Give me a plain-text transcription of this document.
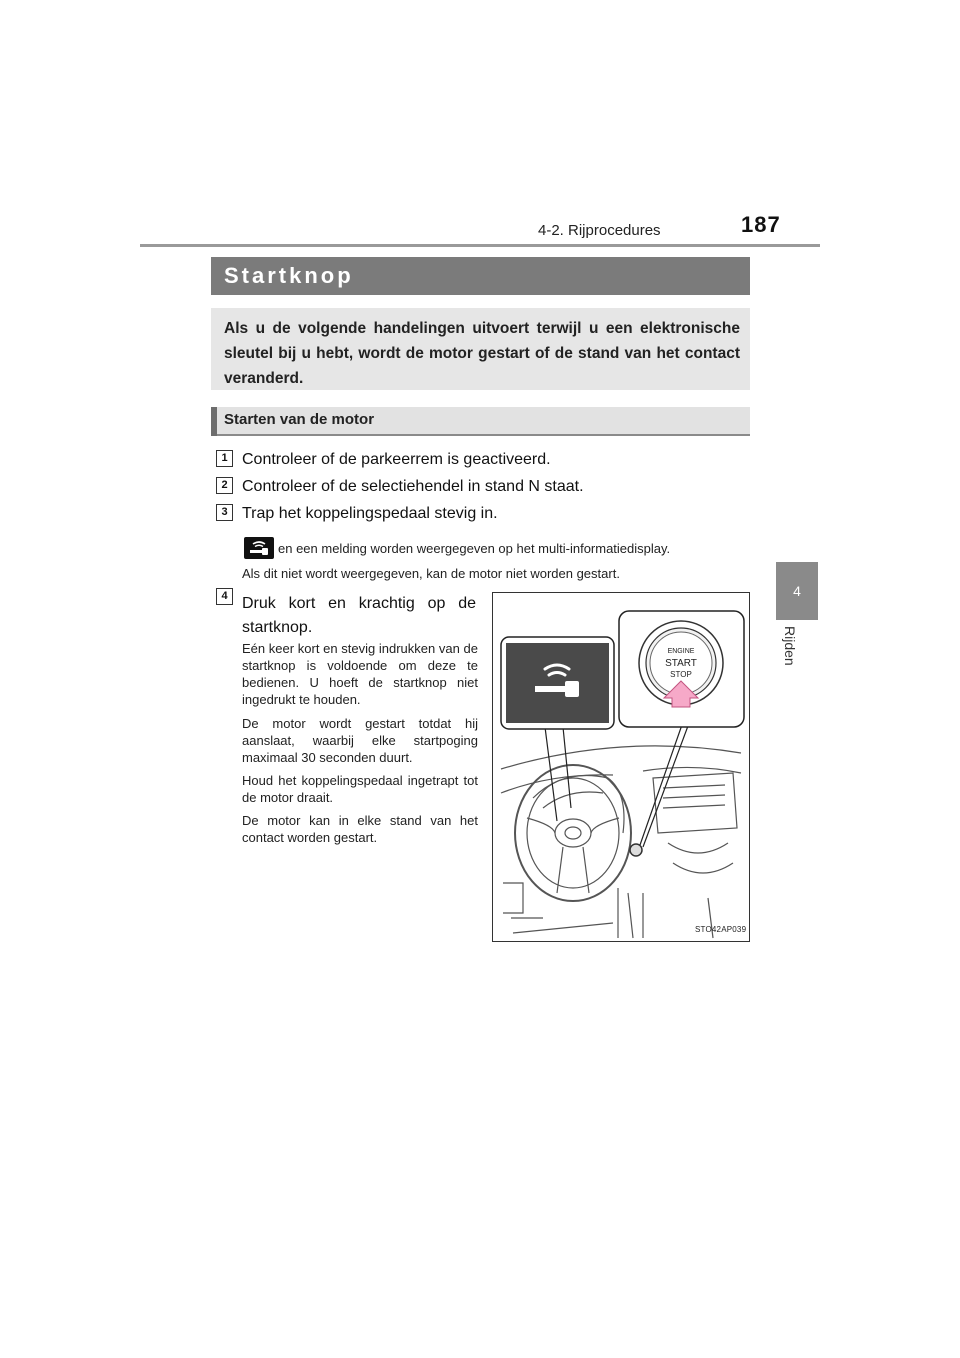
4-2. Rijprocedures	187
4
Rijden
Startknop
Als u de volgende handelingen uitvoert terwijl u een elektronische sleutel bij u hebt, wordt de motor gestart of de stand van het contact veranderd.
Starten van de motor
1 Controleer of de parkeerrem is geactiveerd.
2 Controleer of de selectiehendel in stand N staat.
3 Trap het koppelingspedaal stevig in.
en een melding worden weergegeven op het multi-informatiedisplay.
Als dit niet wordt weergegeven, kan de motor niet worden gestart.
4 Druk kort en krachtig op de startknop.
Eén keer kort en stevig indrukken van de startknop is voldoende om deze te bedienen. U hoeft de startknop niet ingedrukt te houden.
De motor wordt gestart totdat hij aanslaat, waarbij elke startpoging maximaal 30 seconden duurt.
Houd het koppelingspedaal ingetrapt tot de motor draait.
De motor kan in elke stand van het contact worden gestart.
ENGINE
START
STOP
STO42AP039
